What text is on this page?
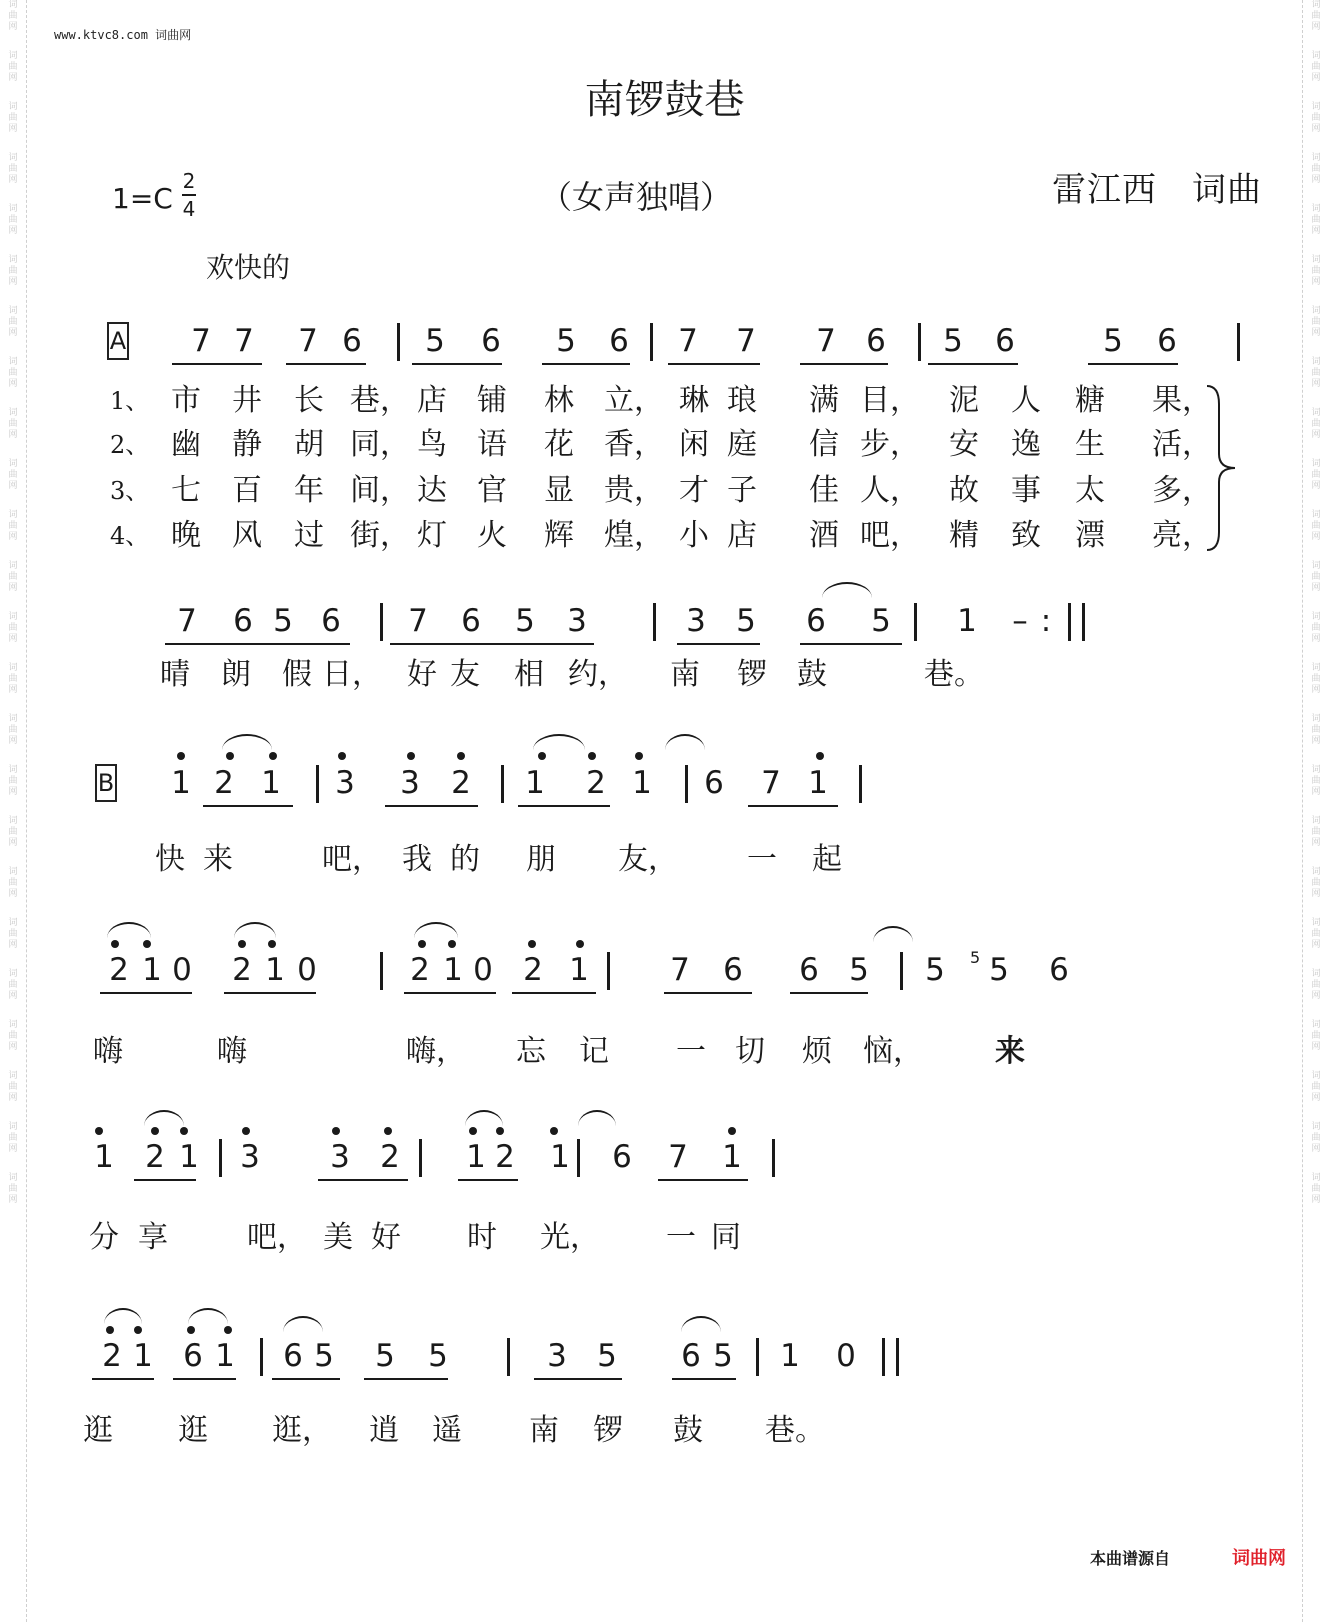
词曲网
词曲网
词曲网
词曲网
词曲网
词曲网
词曲网
词曲网
词曲网
词曲网
词曲网
词曲网
词曲网
词曲网
词曲网
词曲网
词曲网
词曲网
词曲网
词曲网
词曲网
词曲网
词曲网
词曲网
词曲网
词曲网
词曲网
词曲网
词曲网
词曲网
词曲网
词曲网
词曲网
词曲网
词曲网
词曲网
词曲网
词曲网
词曲网
词曲网
词曲网
词曲网
词曲网
词曲网
词曲网
词曲网
词曲网
词曲网
www.ktvc8.com 词曲网
南锣鼓巷
（女声独唱）	雷江西　词曲
1=C
2
4
欢快的
A
B
7 7 7 6 5 6 5 6 7 7 7 6 5 6	5 6
7 6 5 6 7 6 5 3	3 5 6 5 1 – :
1 2 1 3 3 2 1 2 1 6 7 1
2 1 0 2 1 0	2 1 0 2 1	7 6 6 5 5 5 6
1 2 1 3 3 2 1 2 1 6 7 1
2 1 6 1 6 5 5 5	3 5 6 5 1 0
5
1、 市 井 长 巷， 店 铺 林 立， 琳 琅 满 目， 泥 人 糖 果，
2、 幽 静 胡 同， 鸟 语 花 香， 闲 庭 信 步， 安 逸 生 活，
3、 七 百 年 间， 达 官 显 贵， 才 子 佳 人， 故 事 太 多，
4、 晚 风 过 街， 灯 火 辉 煌， 小 店 酒 吧， 精 致 漂 亮，
晴 朗 假 日， 好 友 相 约， 南 锣 鼓	巷。
快 来	吧， 我 的 朋 友， 一 起
嗨	嗨	嗨， 忘 记 一 切 烦 恼， 来
分 享	吧， 美 好 时 光， 一 同
逛 逛 逛， 逍 遥 南 锣 鼓 巷。
本曲谱源自	词曲网
